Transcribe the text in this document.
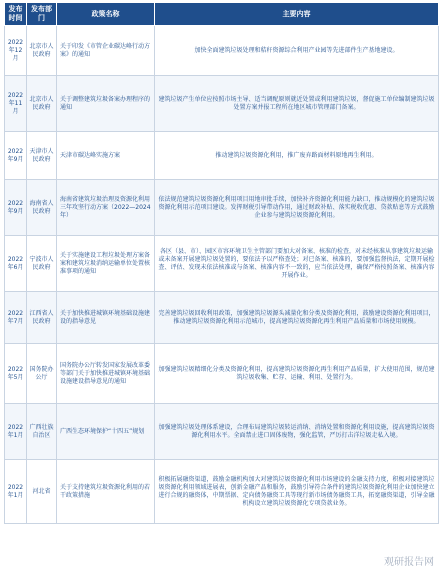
发布时间	发布部门	政策名称	主要内容
2022年12月	北京市人民政府	关于印发《市管企业碳达峰行动方案》的通知	加快全面建筑垃圾处理和秸秆资源综合利用产业园等先进部件生产基地建设。
2022年11月	北京市人民政府	关于调整建筑垃圾备案办理程序的通知	建筑垃圾产生单位应按照市场主导、适当调配原则就近处置或利用建筑垃圾，督促施工单位编制建筑垃圾处置方案并报工程所在地区城市管理部门备案。
2022年9月	天津市人民政府	天津市碳达峰实施方案	推动建筑垃圾资源化利用，推广废弃路面材料原地再生利用。
2022年9月	海南省人民政府	海南省建筑垃圾治理及资源化利用三年攻坚行动方案（2022—2024年）	依法规范建筑垃圾资源化利用项目用地审批手续，加快补齐资源化利用能力缺口，推动规模化的建筑垃圾资源化利用示范项目建设。发挥财税引导带动作用，通过财政补贴、落实税收优惠、贷款贴息等方式鼓励企业参与建筑垃圾资源化利用。
2022年6月	宁波市人民政府	关于实施建设工程垃圾处理方案备案和建筑垃圾消纳运输单位处置核准事项的通知	各区（县、市）、园区市容环境卫生主管部门要加大对备案、核准的检查，对未经核准从事建筑垃圾运输或未备案开展建筑垃圾处置的，要依法予以严格查处；对已备案、核准的，要加强监督执法，定期开展检查、评估、发现未依法核准或与备案、核准内容不一致的，应当依法处理，确保严格按照备案、核准内容开展作业。
2022年7月	江西省人民政府	关于加快推进城镇环境基础设施建设的指导意见	完善建筑垃圾回收利用政策，加强建筑垃圾源头减量化和分类及资源化利用，鼓励建设资源化利用项目，推动建筑垃圾资源化利用示范城市，提高建筑垃圾资源化再生利用产品质量和市场使用规模。
2022年5月	国务院办公厅	国务院办公厅转发国家发展改革委等部门关于加快推进城镇环境基础设施建设指导意见的通知	加强建筑垃圾精细化分类及资源化利用，提高建筑垃圾资源化再生利用产品质量，扩大使用范围，规范建筑垃圾收集、贮存、运输、利用、处置行为。
2022年1月	广西壮族自治区	广西生态环境保护“十四五”规划	加强建筑垃圾处理体系建设，合理布局建筑垃圾转运消纳、消纳处置和资源化利用设施，提高建筑垃圾资源化利用水平。全面禁止进口固体废物，强化监管，严厉打击洋垃圾走私入境。
2022年1月	河北省	关于支持建筑垃圾资源化利用的若干政策措施	积极拓展融资渠道，鼓励金融机构加大对建筑垃圾资源化利用市场建设的金融支持力度，积极对接建筑垃圾资源化利用领域进展表，创新金融产品和服务，鼓励引导符合条件的建筑垃圾资源化利用企业加快建立进行合规的融资体，中期票据、定向债务融资工具等现行新市场债务融资工具，拓宽融资渠道，引导金融机构设立建筑垃圾资源化专项贷款业务。
观研报告网
